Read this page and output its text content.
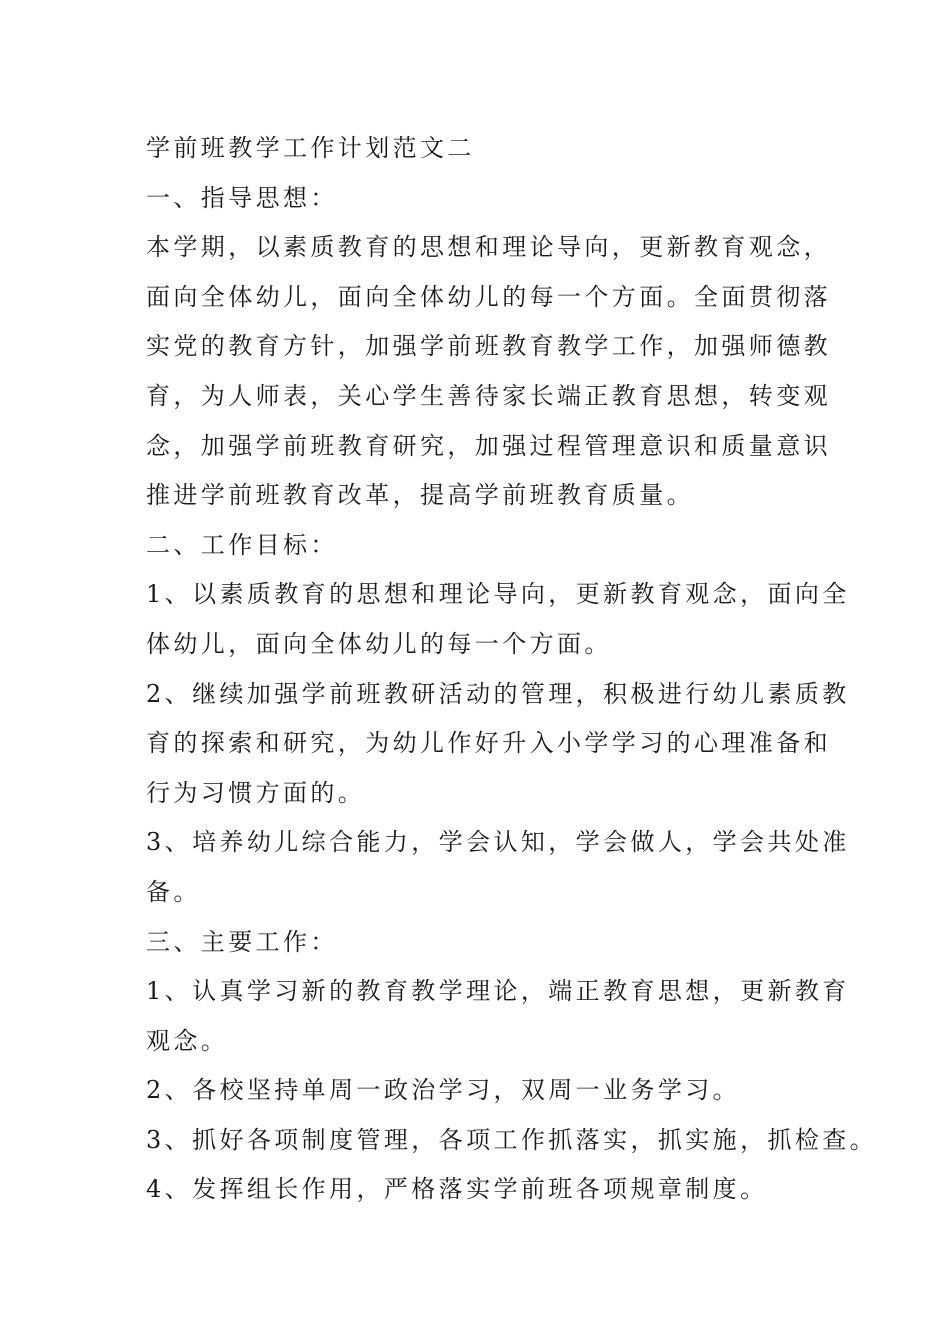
学前班教学工作计划范文二

一、指导思想：

本学期，以素质教育的思想和理论导向，更新教育观念，

面向全体幼儿，面向全体幼儿的每一个方面。全面贯彻落

实党的教育方针，加强学前班教育教学工作，加强师德教

育，为人师表，关心学生善待家长端正教育思想，转变观

念，加强学前班教育研究，加强过程管理意识和质量意识

推进学前班教育改革，提高学前班教育质量。

二、工作目标：

1、以素质教育的思想和理论导向，更新教育观念，面向全

体幼儿，面向全体幼儿的每一个方面。

2、继续加强学前班教研活动的管理，积极进行幼儿素质教

育的探索和研究，为幼儿作好升入小学学习的心理准备和

行为习惯方面的。

3、培养幼儿综合能力，学会认知，学会做人，学会共处准

备。

三、主要工作：

1、认真学习新的教育教学理论，端正教育思想，更新教育

观念。

2、各校坚持单周一政治学习，双周一业务学习。

3、抓好各项制度管理，各项工作抓落实，抓实施，抓检查。

4、发挥组长作用，严格落实学前班各项规章制度。
